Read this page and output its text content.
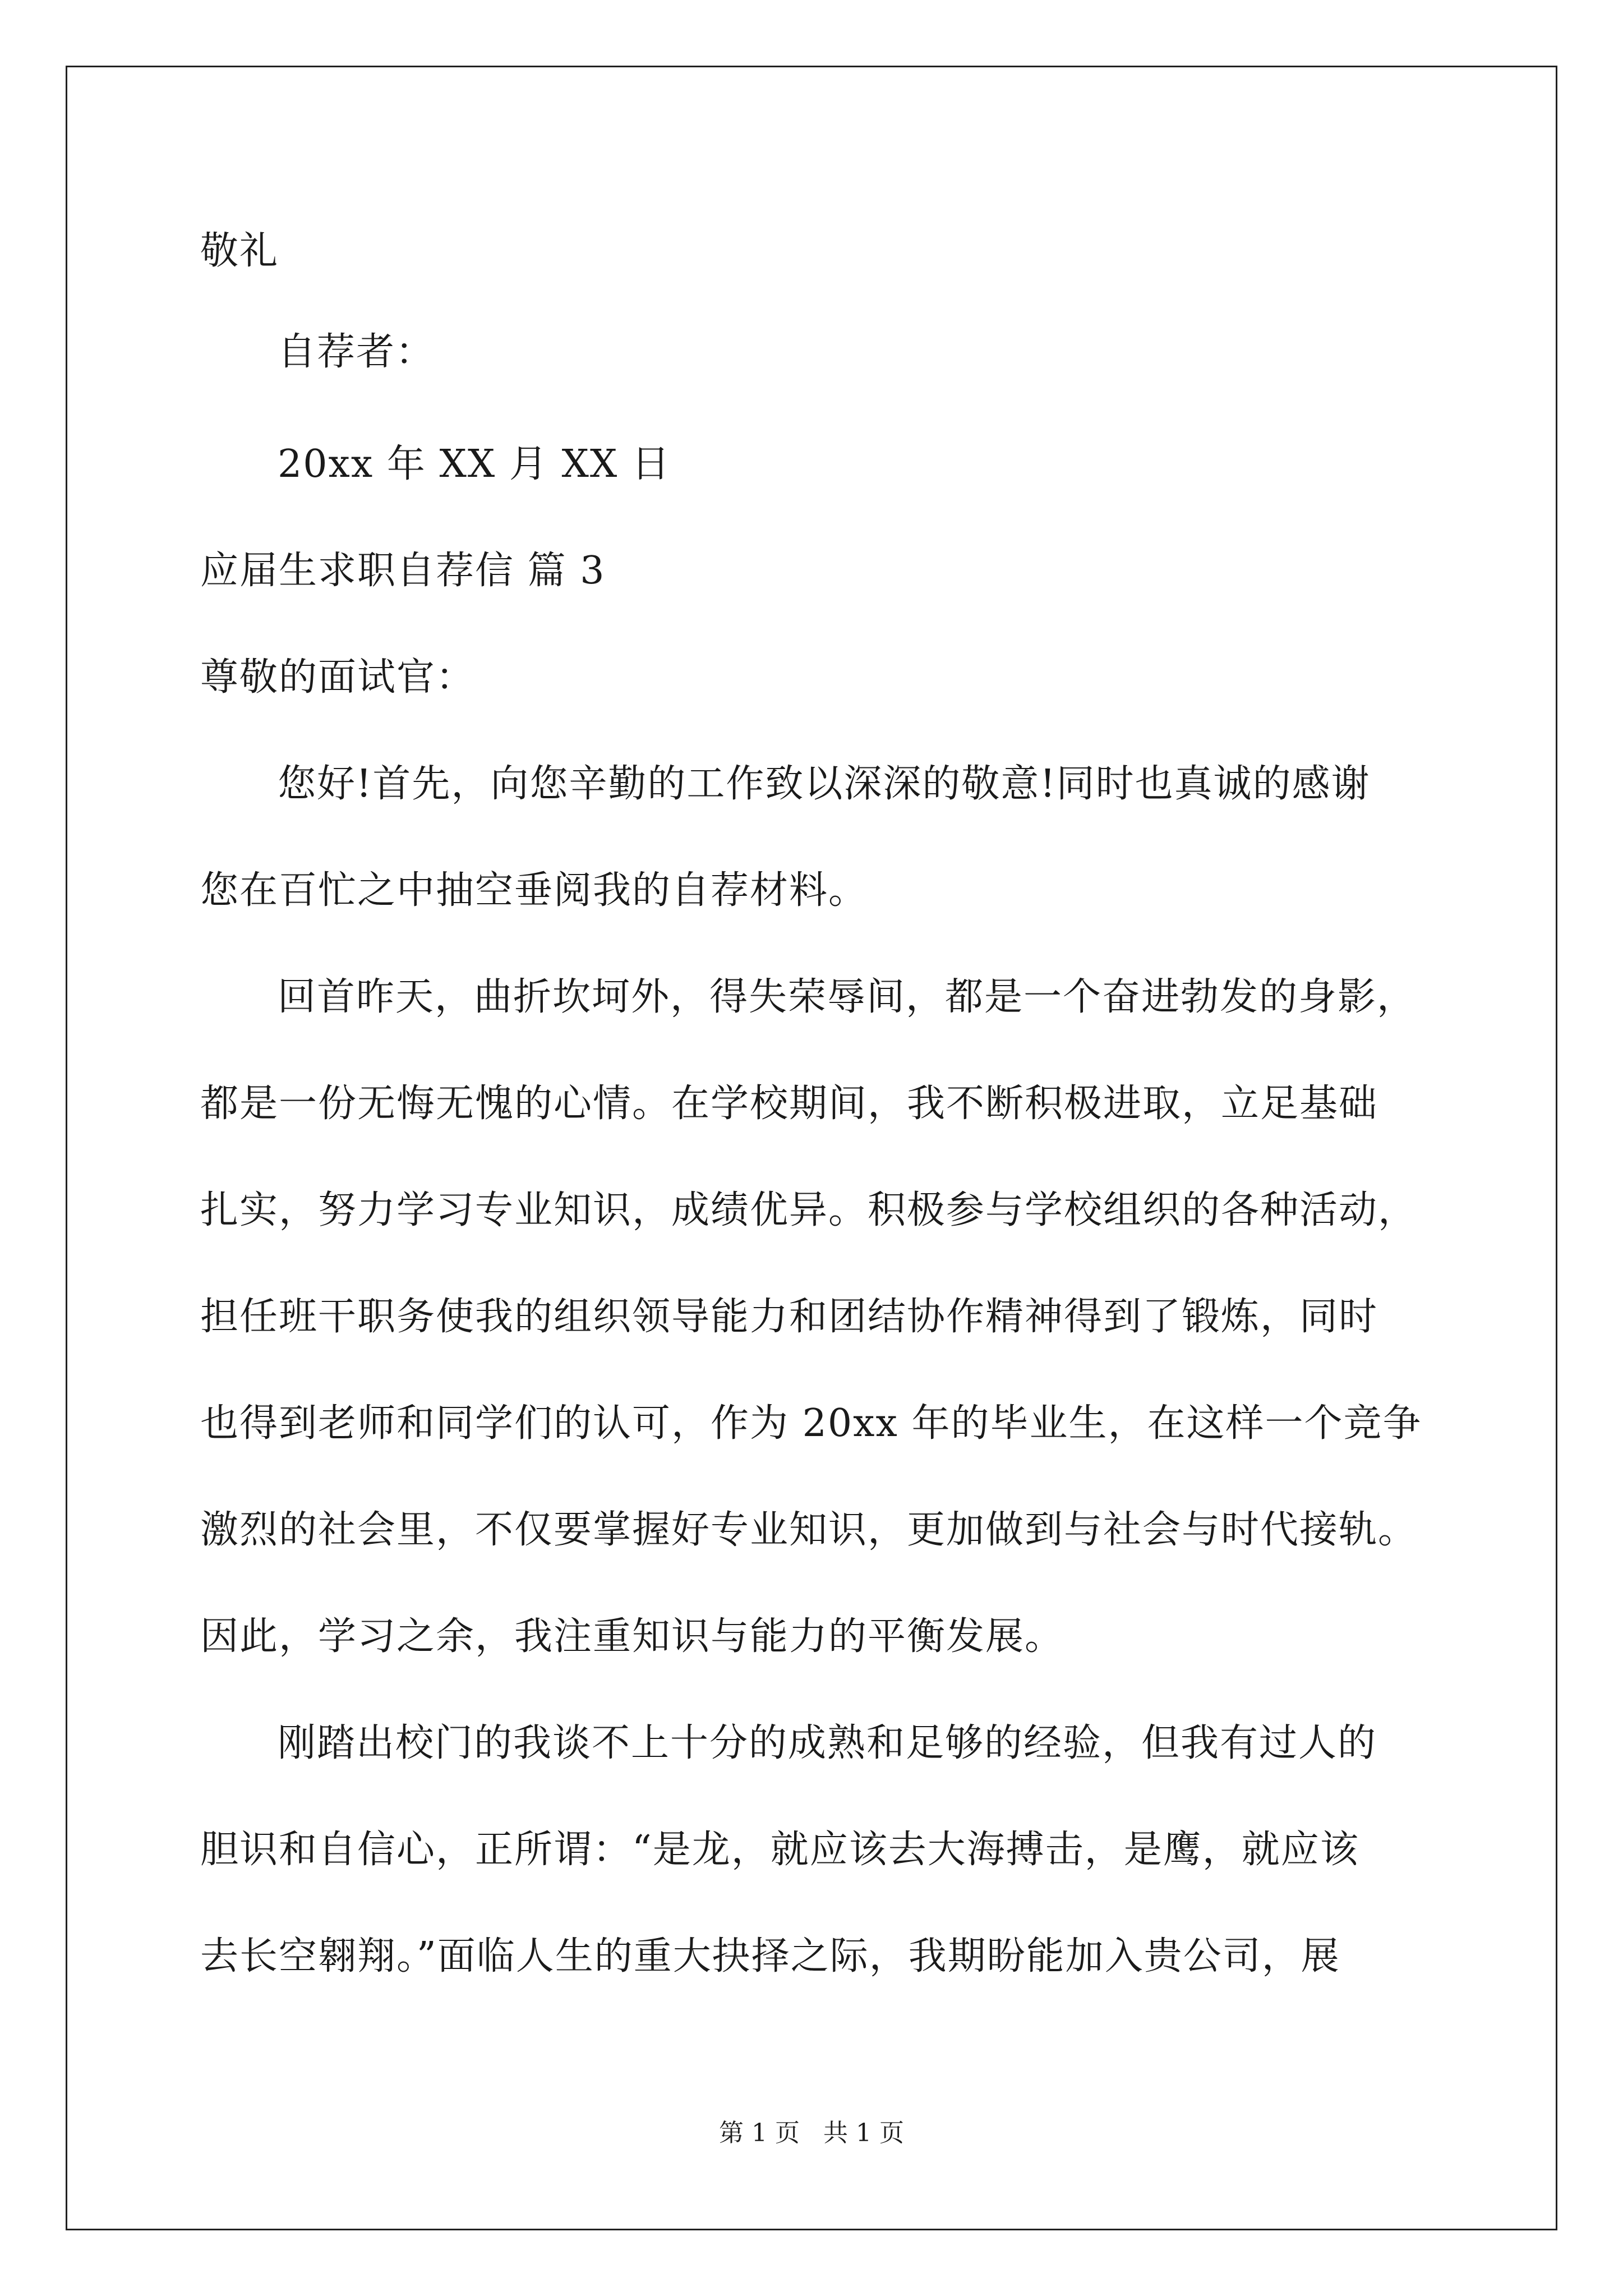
敬礼
自荐者：
20xx 年 XX 月 XX 日
应届生求职自荐信 篇 3
尊敬的面试官：
您好!首先，向您辛勤的工作致以深深的敬意!同时也真诚的感谢
您在百忙之中抽空垂阅我的自荐材料。
回首昨天，曲折坎坷外，得失荣辱间，都是一个奋进勃发的身影，
都是一份无悔无愧的心情。在学校期间，我不断积极进取，立足基础
扎实，努力学习专业知识，成绩优异。积极参与学校组织的各种活动，
担任班干职务使我的组织领导能力和团结协作精神得到了锻炼，同时
也得到老师和同学们的认可，作为 20xx 年的毕业生，在这样一个竞争
激烈的社会里，不仅要掌握好专业知识，更加做到与社会与时代接轨。
因此，学习之余，我注重知识与能力的平衡发展。
刚踏出校门的我谈不上十分的成熟和足够的经验，但我有过人的
胆识和自信心，正所谓：“是龙，就应该去大海搏击，是鹰，就应该
去长空翱翔。”面临人生的重大抉择之际，我期盼能加入贵公司，展
第 1 页   共 1 页
